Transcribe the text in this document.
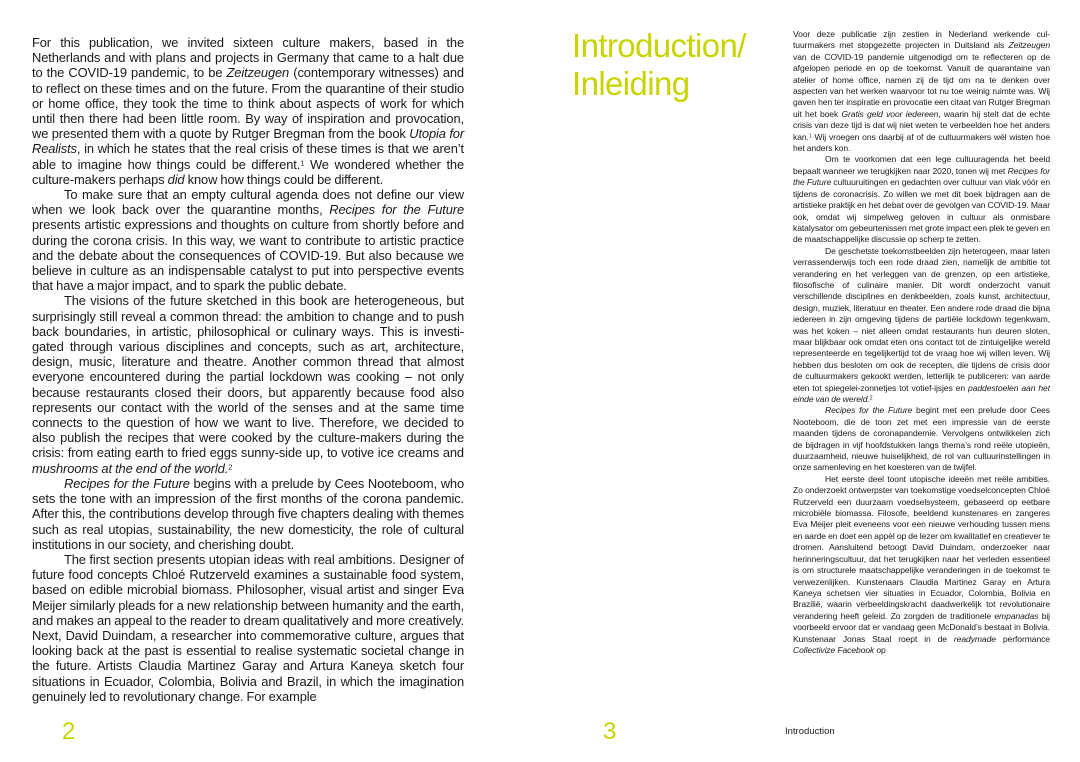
For this publication, we invited sixteen culture makers, based in the Netherlands and with plans and projects in Germany that came to a halt due to the COVID-19 pandemic, to be Zeitzeugen (contemporary witnesses) and to reflect on these times and on the future. From the quarantine of their studio or home office, they took the time to think about aspects of work for which until then there had been little room. By way of inspiration and provocation, we presented them with a quote by Rutger Bregman from the book Utopia for Realists, in which he states that the real crisis of these times is that we aren’t able to imagine how things could be different.$^1$ We wondered whether the culture-makers perhaps did know how things could be different.

To make sure that an empty cultural agenda does not define our view when we look back over the quarantine months, Recipes for the Future presents artistic expressions and thoughts on culture from shortly before and during the corona crisis. In this way, we want to contribute to artistic practice and the debate about the consequences of COVID-19. But also because we believe in culture as an indispensable catalyst to put into perspective events that have a major impact, and to spark the public debate.

The visions of the future sketched in this book are heterogeneous, but surprisingly still reveal a common thread: the ambition to change and to push back boundaries, in artistic, philosophical or culinary ways. This is investigated through various disciplines and concepts, such as art, architecture, design, music, literature and theatre. Another common thread that almost everyone encountered during the partial lockdown was cooking – not only because restaurants closed their doors, but apparently because food also represents our contact with the world of the senses and at the same time connects to the question of how we want to live. Therefore, we decided to also publish the recipes that were cooked by the culture-makers during the crisis: from eating earth to fried eggs sunny-side up, to votive ice creams and mushrooms at the end of the world.$^2$

Recipes for the Future begins with a prelude by Cees Nooteboom, who sets the tone with an impression of the first months of the corona pandemic. After this, the contributions develop through five chapters dealing with themes such as real utopias, sustainability, the new domesticity, the role of cultural institutions in our society, and cherishing doubt.

The first section presents utopian ideas with real ambitions. Designer of future food concepts Chloé Rutzerveld examines a sustainable food system, based on edible microbial biomass. Philosopher, visual artist and singer Eva Meijer similarly pleads for a new relationship between humanity and the earth, and makes an appeal to the reader to dream qualitatively and more creatively. Next, David Duindam, a researcher into commemorative culture, argues that looking back at the past is essential to realise systematic societal change in the future. Artists Claudia Martinez Garay and Artura Kaneya sketch four situations in Ecuador, Colombia, Bolivia and Brazil, in which the imagination genuinely led to revolutionary change. For example

2
Introduction/
Inleiding

Voor deze publicatie zijn zestien in Nederland werkende cultuurmakers met stopgezette projecten in Duitsland als Zeitzeugen van de COVID-19 pandemie uitgenodigd om te reflecteren op de afgelopen periode en op de toekomst. Vanuit de quarantaine van atelier of home office, namen zij de tijd om na te denken over aspecten van het werken waarvoor tot nu toe weinig ruimte was. Wij gaven hen ter inspiratie en provocatie een citaat van Rutger Bregman uit het boek Gratis geld voor iedereen, waarin hij stelt dat de echte crisis van deze tijd is dat wij niet weten te verbeelden hoe het anders kan.$^1$ Wij vroegen ons daarbij af of de cultuurmakers wél wisten hoe het anders kon.

Om te voorkomen dat een lege cultuuragenda het beeld bepaalt wanneer we terugkijken naar 2020, tonen wij met Recipes for the Future cultuuruitingen en gedachten over cultuur van vlak vóór en tijdens de coronacrisis. Zo willen we met dit boek bijdragen aan de artistieke praktijk en het debat over de gevolgen van COVID-19. Maar ook, omdat wij simpelweg geloven in cultuur als onmisbare katalysator om gebeurtenissen met grote impact een plek te geven en de maatschappelijke discussie op scherp te zetten.

De geschetste toekomstbeelden zijn heterogeen, maar laten verrassenderwijs toch een rode draad zien, namelijk de ambitie tot verandering en het verleggen van de grenzen, op een artistieke, filosofische of culinaire manier. Dit wordt onderzocht vanuit verschillende disciplines en denkbeelden, zoals kunst, architectuur, design, muziek, literatuur en theater. Een andere rode draad die bijna iedereen in zijn omgeving tijdens de partiële lockdown tegenkwam, was het koken – niet alleen omdat restaurants hun deuren sloten, maar blijkbaar ook omdat eten ons contact tot de zintuigelijke wereld representeerde en tegelijkertijd tot de vraag hoe wij willen leven. Wij hebben dus besloten om ook de recepten, die tijdens de crisis door de cultuurmakers gekookt werden, letterlijk te publiceren: van aarde eten tot spiegelei-zonnetjes tot votief-ijsjes en paddestoelen aan het einde van de wereld.$^2$

Recipes for the Future begint met een prelude door Cees Nooteboom, die de toon zet met een impressie van de eerste maanden tijdens de coronapandemie. Vervolgens ontwikkelen zich de bijdragen in vijf hoofdstukken langs thema’s rond reële utopieën, duurzaamheid, nieuwe huiselijkheid, de rol van cultuurinstellingen in onze samenleving en het koesteren van de twijfel.

Het eerste deel toont utopische ideeën met reële ambities. Zo onderzoekt ontwerpster van toekomstige voedselconcepten Chloé Rutzerveld een duurzaam voedselsysteem, gebaseerd op eetbare microbiële biomassa. Filosofe, beeldend kunstenares en zangeres Eva Meijer pleit eveneens voor een nieuwe verhouding tussen mens en aarde en doet een appèl op de lezer om kwalitatief en creatiever te dromen. Aansluitend betoogt David Duindam, onderzoeker naar herinneringscultuur, dat het terugkijken naar het verleden essentieel is om structurele maatschappelijke veranderingen in de toekomst te verwezenlijken. Kunstenaars Claudia Martinez Garay en Artura Kaneya schetsen vier situaties in Ecuador, Colombia, Bolivia en Brazilië, waarin verbeeldingskracht daadwerkelijk tot revolutionaire verandering heeft geleid. Zo zorgden de traditionele empanadas bij voorbeeld ervoor dat er vandaag geen McDonald’s bestaat in Bolivia. Kunstenaar Jonas Staal roept in de readymade performance Collectivize Facebook op

3	Introduction
